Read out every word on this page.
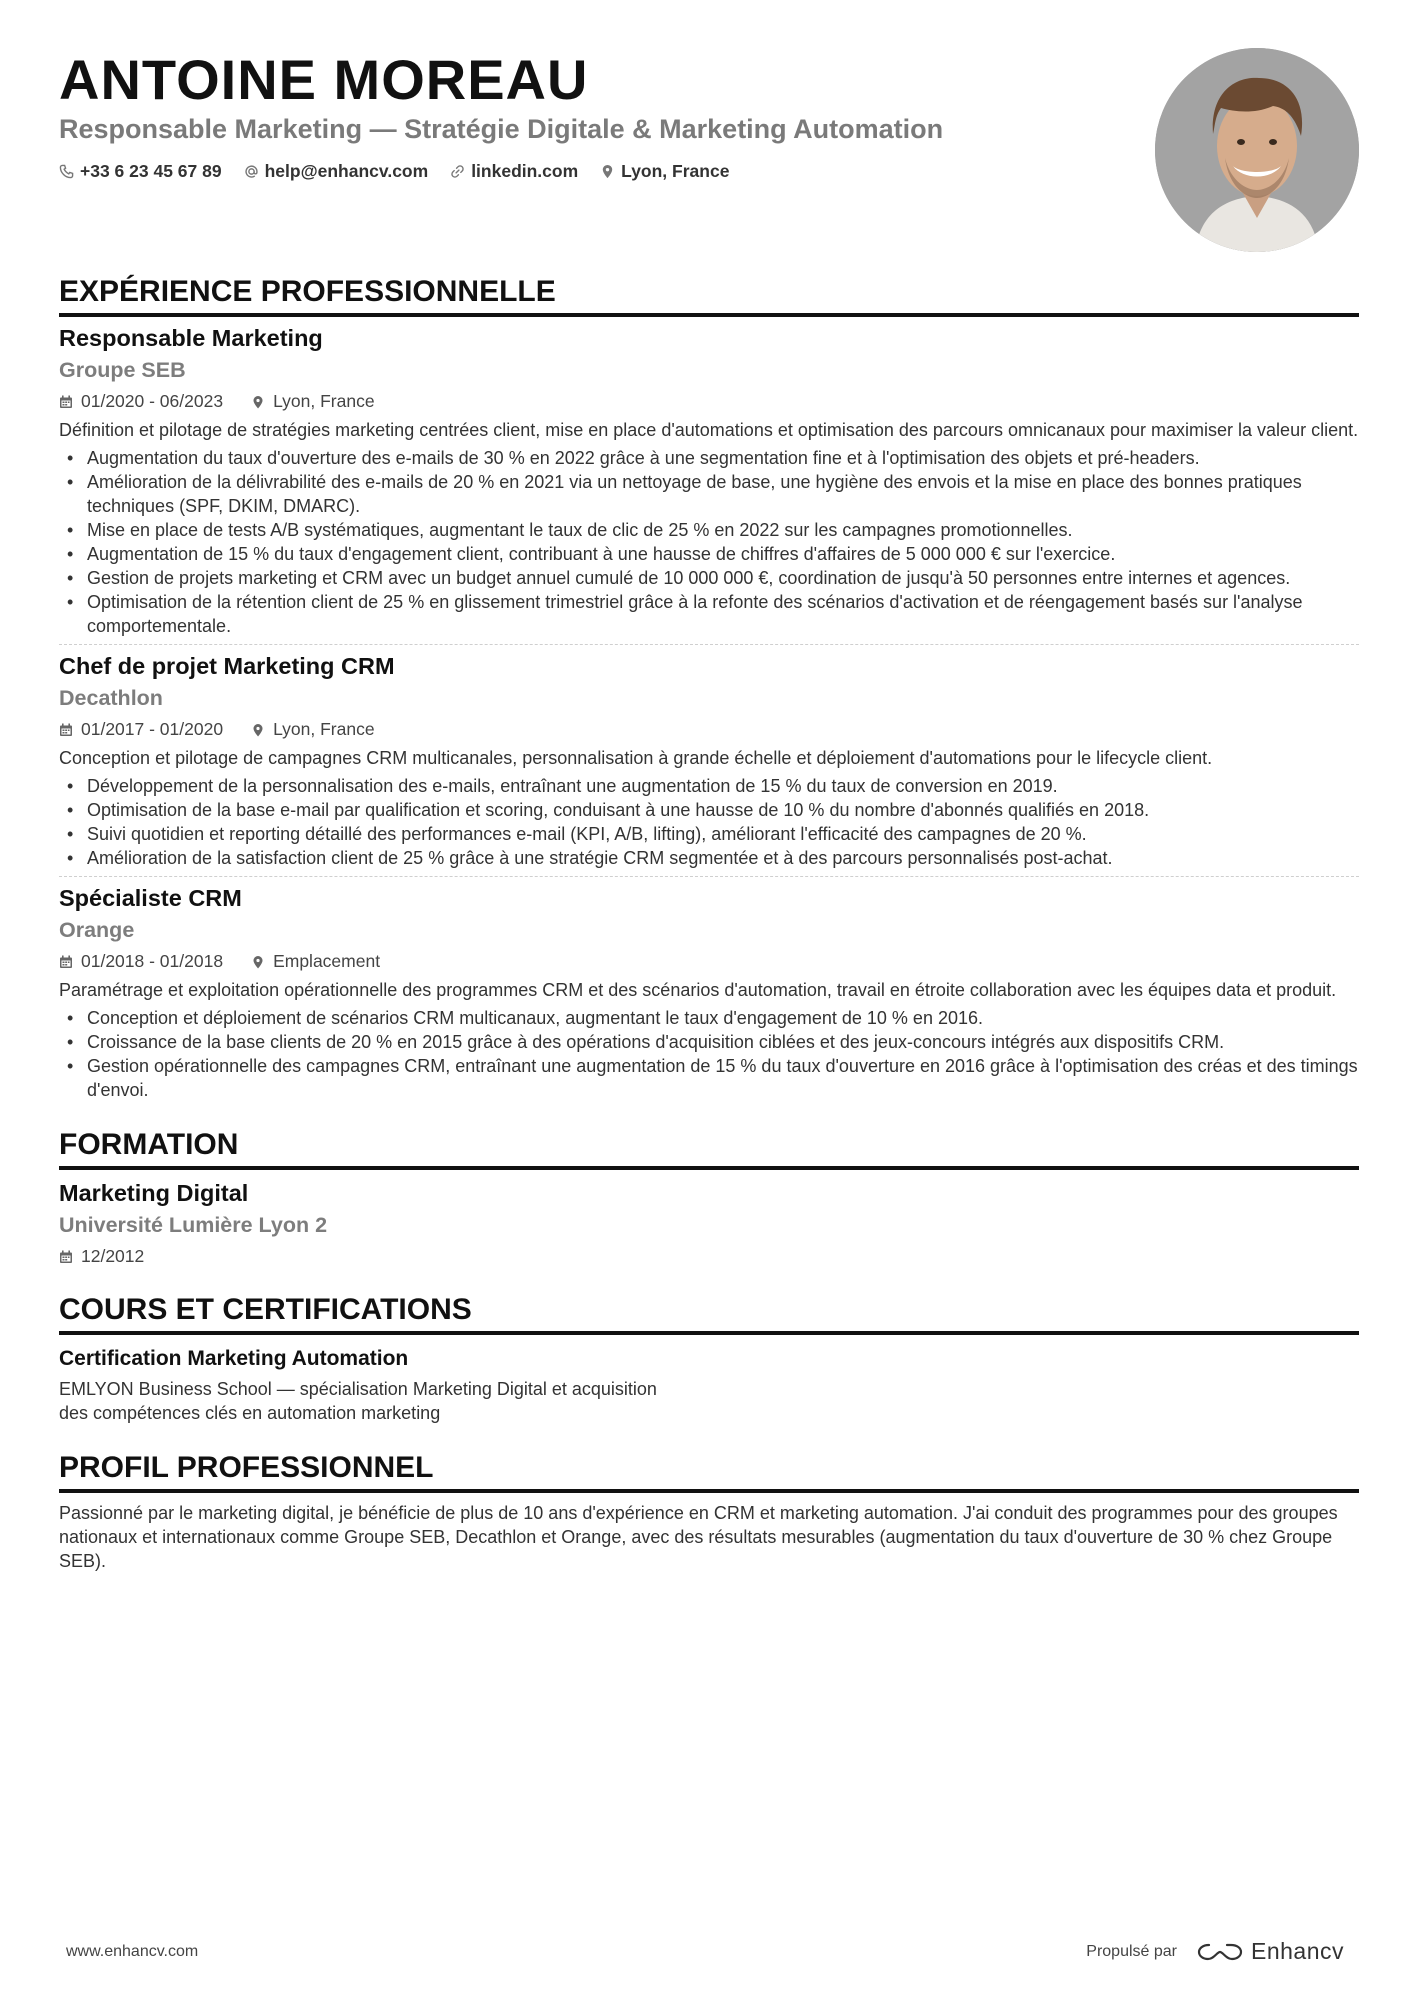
ANTOINE MOREAU
Responsable Marketing — Stratégie Digitale & Marketing Automation
+33 6 23 45 67 89 help@enhancv.com linkedin.com Lyon, France
EXPÉRIENCE PROFESSIONNELLE
Responsable Marketing
Groupe SEB
01/2020 - 06/2023	Lyon, France
Définition et pilotage de stratégies marketing centrées client, mise en place d'automations et optimisation des parcours omnicanaux pour maximiser la valeur client.
• Augmentation du taux d'ouverture des e-mails de 30 % en 2022 grâce à une segmentation fine et à l'optimisation des objets et pré-headers.
• Amélioration de la délivrabilité des e-mails de 20 % en 2021 via un nettoyage de base, une hygiène des envois et la mise en place des bonnes pratiques techniques (SPF, DKIM, DMARC).
• Mise en place de tests A/B systématiques, augmentant le taux de clic de 25 % en 2022 sur les campagnes promotionnelles.
• Augmentation de 15 % du taux d'engagement client, contribuant à une hausse de chiffres d'affaires de 5 000 000 € sur l'exercice.
• Gestion de projets marketing et CRM avec un budget annuel cumulé de 10 000 000 €, coordination de jusqu'à 50 personnes entre internes et agences.
• Optimisation de la rétention client de 25 % en glissement trimestriel grâce à la refonte des scénarios d'activation et de réengagement basés sur l'analyse comportementale.
Chef de projet Marketing CRM
Decathlon
01/2017 - 01/2020	Lyon, France
Conception et pilotage de campagnes CRM multicanales, personnalisation à grande échelle et déploiement d'automations pour le lifecycle client.
• Développement de la personnalisation des e-mails, entraînant une augmentation de 15 % du taux de conversion en 2019.
• Optimisation de la base e-mail par qualification et scoring, conduisant à une hausse de 10 % du nombre d'abonnés qualifiés en 2018.
• Suivi quotidien et reporting détaillé des performances e-mail (KPI, A/B, lifting), améliorant l'efficacité des campagnes de 20 %.
• Amélioration de la satisfaction client de 25 % grâce à une stratégie CRM segmentée et à des parcours personnalisés post-achat.
Spécialiste CRM
Orange
01/2018 - 01/2018	Emplacement
Paramétrage et exploitation opérationnelle des programmes CRM et des scénarios d'automation, travail en étroite collaboration avec les équipes data et produit.
• Conception et déploiement de scénarios CRM multicanaux, augmentant le taux d'engagement de 10 % en 2016.
• Croissance de la base clients de 20 % en 2015 grâce à des opérations d'acquisition ciblées et des jeux-concours intégrés aux dispositifs CRM.
• Gestion opérationnelle des campagnes CRM, entraînant une augmentation de 15 % du taux d'ouverture en 2016 grâce à l'optimisation des créas et des timings d'envoi.
FORMATION
Marketing Digital
Université Lumière Lyon 2
12/2012
COURS ET CERTIFICATIONS
Certification Marketing Automation
EMLYON Business School — spécialisation Marketing Digital et acquisition des compétences clés en automation marketing
PROFIL PROFESSIONNEL
Passionné par le marketing digital, je bénéficie de plus de 10 ans d'expérience en CRM et marketing automation. J'ai conduit des programmes pour des groupes nationaux et internationaux comme Groupe SEB, Decathlon et Orange, avec des résultats mesurables (augmentation du taux d'ouverture de 30 % chez Groupe SEB).
www.enhancv.com	Propulsé par	Enhancv
